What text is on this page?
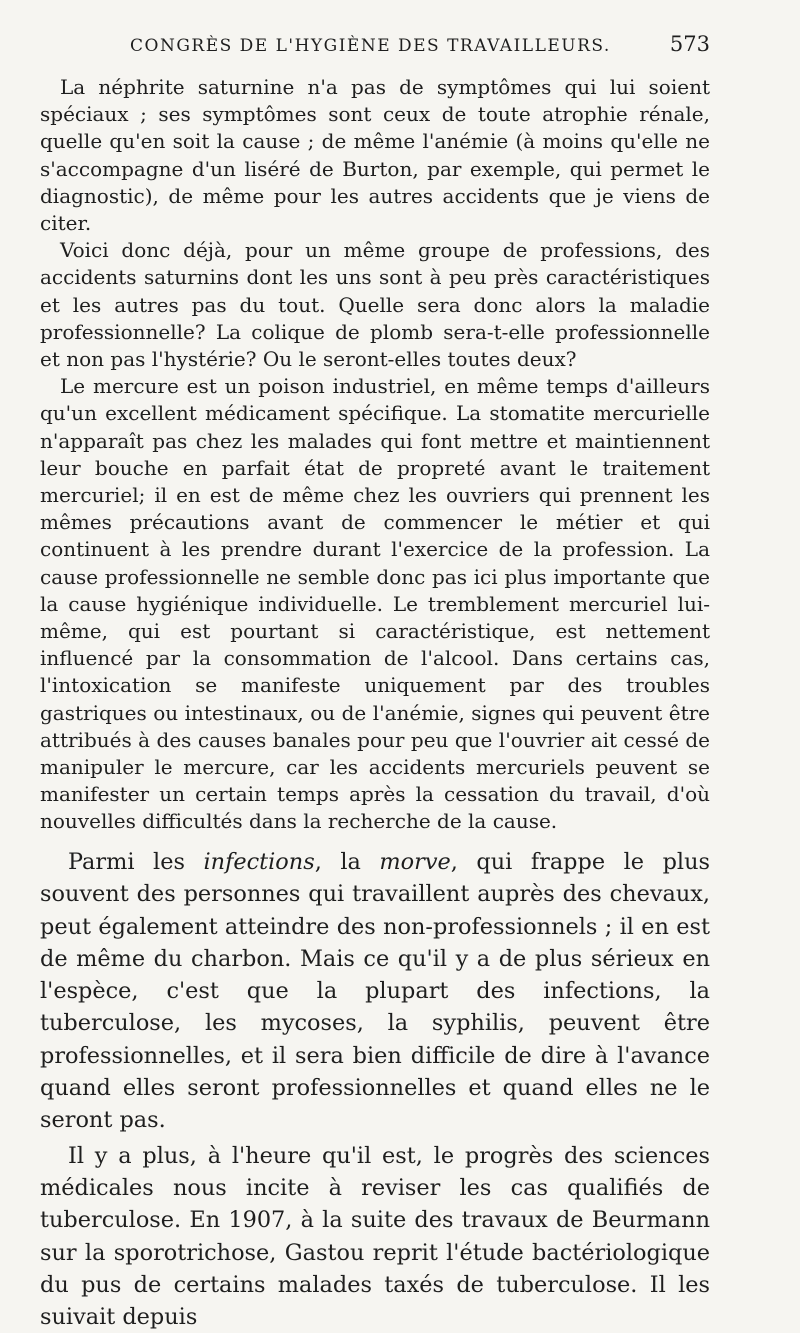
CONGRÈS DE L'HYGIÈNE DES TRAVAILLEURS.	573

La néphrite saturnine n'a pas de symptômes qui lui soient spéciaux ; ses symptômes sont ceux de toute atrophie rénale, quelle qu'en soit la cause ; de même l'anémie (à moins qu'elle ne s'accompagne d'un liséré de Burton, par exemple, qui permet le diagnostic), de même pour les autres accidents que je viens de citer.

Voici donc déjà, pour un même groupe de professions, des accidents saturnins dont les uns sont à peu près caractéristiques et les autres pas du tout. Quelle sera donc alors la maladie professionnelle? La colique de plomb sera-t-elle professionnelle et non pas l'hystérie? Ou le seront-elles toutes deux?

Le mercure est un poison industriel, en même temps d'ailleurs qu'un excellent médicament spécifique. La stomatite mercurielle n'apparaît pas chez les malades qui font mettre et maintiennent leur bouche en parfait état de propreté avant le traitement mercuriel; il en est de même chez les ouvriers qui prennent les mêmes précautions avant de commencer le métier et qui continuent à les prendre durant l'exercice de la profession. La cause professionnelle ne semble donc pas ici plus importante que la cause hygiénique individuelle. Le tremblement mercuriel lui-même, qui est pourtant si caractéristique, est nettement influencé par la consommation de l'alcool. Dans certains cas, l'intoxication se manifeste uniquement par des troubles gastriques ou intestinaux, ou de l'anémie, signes qui peuvent être attribués à des causes banales pour peu que l'ouvrier ait cessé de manipuler le mercure, car les accidents mercuriels peuvent se manifester un certain temps après la cessation du travail, d'où nouvelles difficultés dans la recherche de la cause.

Parmi les infections, la morve, qui frappe le plus souvent des personnes qui travaillent auprès des chevaux, peut également atteindre des non-professionnels ; il en est de même du charbon. Mais ce qu'il y a de plus sérieux en l'espèce, c'est que la plupart des infections, la tuberculose, les mycoses, la syphilis, peuvent être professionnelles, et il sera bien difficile de dire à l'avance quand elles seront professionnelles et quand elles ne le seront pas.

Il y a plus, à l'heure qu'il est, le progrès des sciences médicales nous incite à reviser les cas qualifiés de tuberculose. En 1907, à la suite des travaux de Beurmann sur la sporotrichose, Gastou reprit l'étude bactériologique du pus de certains malades taxés de tuberculose. Il les suivait depuis
